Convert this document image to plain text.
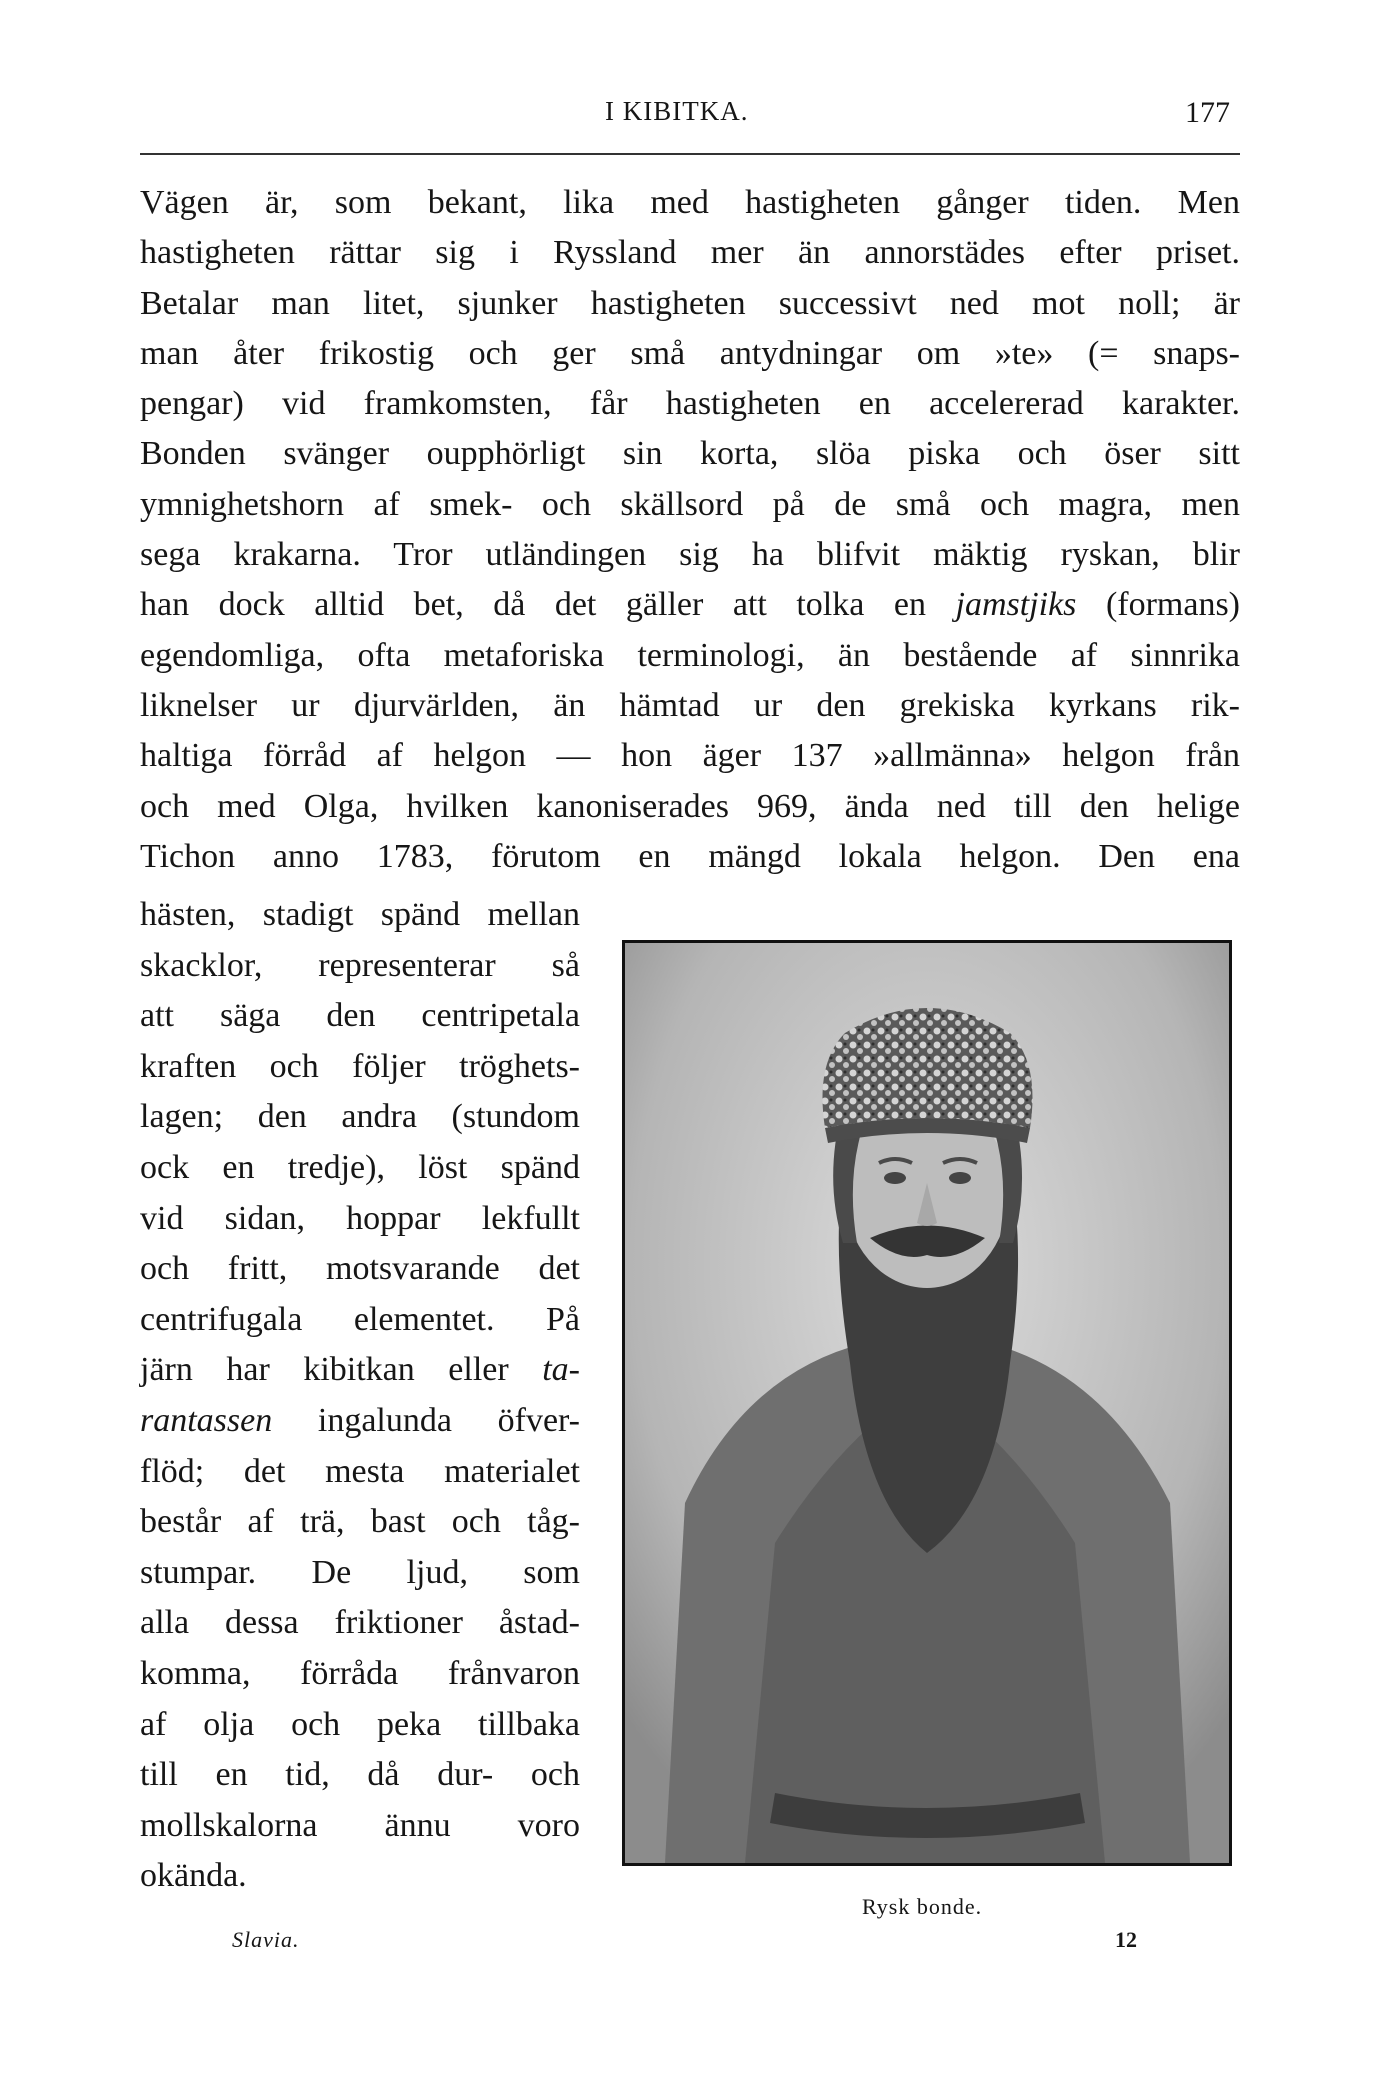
I KIBITKA.	177
Vägen är, som bekant, lika med hastigheten gånger tiden. Men
hastigheten rättar sig i Ryssland mer än annorstädes efter priset.
Betalar man litet, sjunker hastigheten successivt ned mot noll; är
man åter frikostig och ger små antydningar om »te» (= snaps-
pengar) vid framkomsten, får hastigheten en accelererad karakter.
Bonden svänger oupphörligt sin korta, slöa piska och öser sitt
ymnighetshorn af smek- och skällsord på de små och magra, men
sega krakarna. Tror utländingen sig ha blifvit mäktig ryskan, blir
han dock alltid bet, då det gäller att tolka en jamstjiks (formans)
egendomliga, ofta metaforiska terminologi, än bestående af sinnrika
liknelser ur djurvärlden, än hämtad ur den grekiska kyrkans rik-
haltiga förråd af helgon — hon äger 137 »allmänna» helgon från
och med Olga, hvilken kanoniserades 969, ända ned till den helige
Tichon anno 1783, förutom en mängd lokala helgon. Den ena
hästen, stadigt spänd mellan
skacklor, representerar så
att säga den centripetala
kraften och följer tröghets-
lagen; den andra (stundom
ock en tredje), löst spänd
vid sidan, hoppar lekfullt
och fritt, motsvarande det
centrifugala elementet. På
järn har kibitkan eller ta-
rantassen ingalunda öfver-
flöd; det mesta materialet
består af trä, bast och tåg-
stumpar. De ljud, som
alla dessa friktioner åstad-
komma, förråda frånvaron
af olja och peka tillbaka
till en tid, då dur- och
mollskalorna ännu voro
okända.
Rysk bonde.
Slavia.	12
